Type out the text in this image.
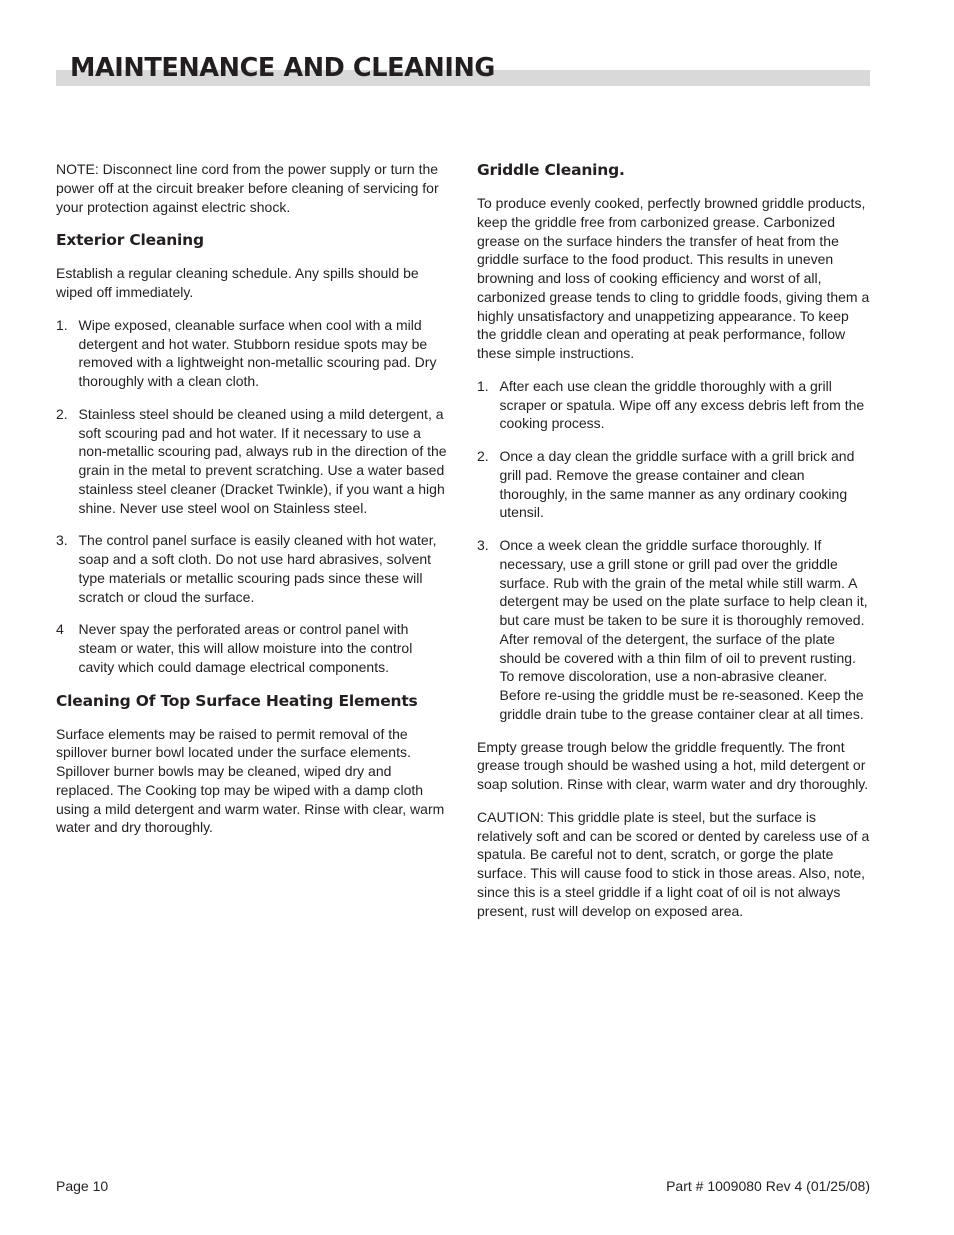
MAINTENANCE AND CLEANING

NOTE: Disconnect line cord from the power supply or turn the power off at the circuit breaker before cleaning of servicing for your protection against electric shock.

Exterior Cleaning

Establish a regular cleaning schedule. Any spills should be wiped off immediately.

1. Wipe exposed, cleanable surface when cool with a mild detergent and hot water. Stubborn residue spots may be removed with a lightweight non-metallic scouring pad. Dry thoroughly with a clean cloth.
2. Stainless steel should be cleaned using a mild detergent, a soft scouring pad and hot water. If it necessary to use a non-metallic scouring pad, always rub in the direction of the grain in the metal to prevent scratching. Use a water based stainless steel cleaner (Dracket Twinkle), if you want a high shine. Never use steel wool on Stainless steel.
3. The control panel surface is easily cleaned with hot water, soap and a soft cloth. Do not use hard abrasives, solvent type materials or metallic scouring pads since these will scratch or cloud the surface.
4 Never spay the perforated areas or control panel with steam or water, this will allow moisture into the control cavity which could damage electrical components.
Cleaning Of Top Surface Heating Elements

Surface elements may be raised to permit removal of the spillover burner bowl located under the surface elements. Spillover burner bowls may be cleaned, wiped dry and replaced. The Cooking top may be wiped with a damp cloth using a mild detergent and warm water. Rinse with clear, warm water and dry thoroughly.

Griddle Cleaning.

To produce evenly cooked, perfectly browned griddle products, keep the griddle free from carbonized grease. Carbonized grease on the surface hinders the transfer of heat from the griddle surface to the food product. This results in uneven browning and loss of cooking efficiency and worst of all, carbonized grease tends to cling to griddle foods, giving them a highly unsatisfactory and unappetizing appearance. To keep the griddle clean and operating at peak performance, follow these simple instructions.

1. After each use clean the griddle thoroughly with a grill scraper or spatula. Wipe off any excess debris left from the cooking process.
2. Once a day clean the griddle surface with a grill brick and grill pad. Remove the grease container and clean thoroughly, in the same manner as any ordinary cooking utensil.
3. Once a week clean the griddle surface thoroughly. If necessary, use a grill stone or grill pad over the griddle surface. Rub with the grain of the metal while still warm. A detergent may be used on the plate surface to help clean it, but care must be taken to be sure it is thoroughly removed. After removal of the detergent, the surface of the plate should be covered with a thin film of oil to prevent rusting. To remove discoloration, use a non-abrasive cleaner. Before re-using the griddle must be re-seasoned. Keep the griddle drain tube to the grease container clear at all times.

Empty grease trough below the griddle frequently. The front grease trough should be washed using a hot, mild detergent or soap solution. Rinse with clear, warm water and dry thoroughly.

CAUTION: This griddle plate is steel, but the surface is relatively soft and can be scored or dented by careless use of a spatula. Be careful not to dent, scratch, or gorge the plate surface. This will cause food to stick in those areas. Also, note, since this is a steel griddle if a light coat of oil is not always present, rust will develop on exposed area.

Page 10	Part # 1009080 Rev 4 (01/25/08)
